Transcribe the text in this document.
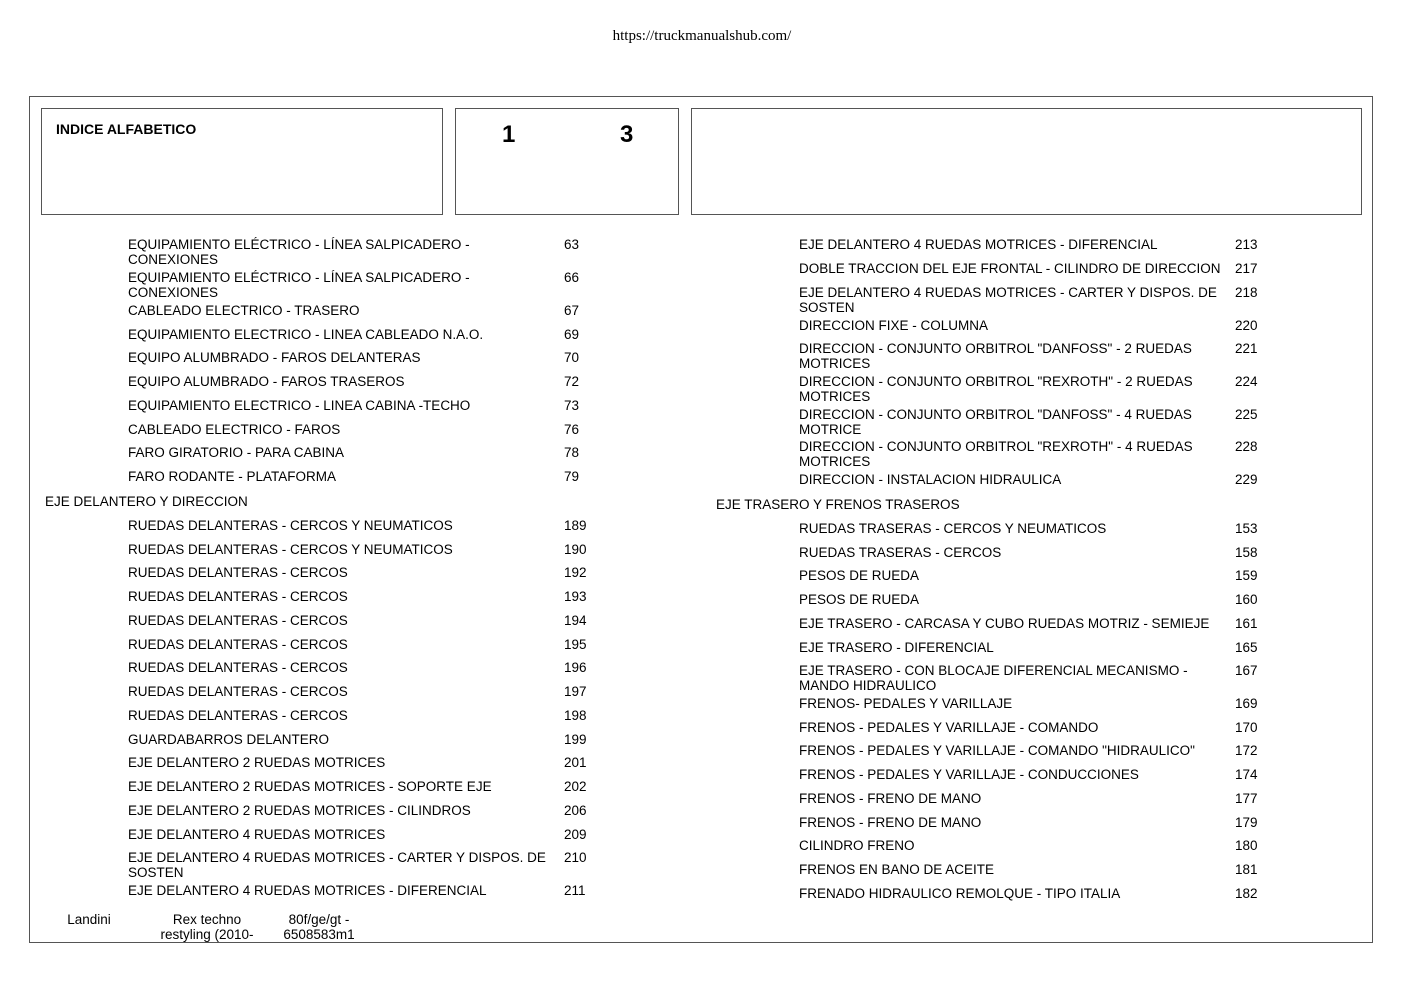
https://truckmanualshub.com/
INDICE ALFABETICO	1	3
EQUIPAMIENTO ELÉCTRICO - LÍNEA SALPICADERO - CONEXIONES
63
EQUIPAMIENTO ELÉCTRICO - LÍNEA SALPICADERO - CONEXIONES
66
CABLEADO ELECTRICO - TRASERO	67
EQUIPAMIENTO ELECTRICO - LINEA CABLEADO N.A.O.	69
EQUIPO ALUMBRADO - FAROS DELANTERAS	70
EQUIPO ALUMBRADO - FAROS TRASEROS	72
EQUIPAMIENTO ELECTRICO - LINEA CABINA -TECHO	73
CABLEADO ELECTRICO - FAROS	76
FARO GIRATORIO - PARA CABINA	78
FARO RODANTE - PLATAFORMA	79
EJE DELANTERO Y DIRECCION
RUEDAS DELANTERAS - CERCOS Y NEUMATICOS	189
RUEDAS DELANTERAS - CERCOS Y NEUMATICOS	190
RUEDAS DELANTERAS - CERCOS	192
RUEDAS DELANTERAS - CERCOS	193
RUEDAS DELANTERAS - CERCOS	194
RUEDAS DELANTERAS - CERCOS	195
RUEDAS DELANTERAS - CERCOS	196
RUEDAS DELANTERAS - CERCOS	197
RUEDAS DELANTERAS - CERCOS	198
GUARDABARROS DELANTERO	199
EJE DELANTERO 2 RUEDAS MOTRICES	201
EJE DELANTERO 2 RUEDAS MOTRICES - SOPORTE EJE	202
EJE DELANTERO 2 RUEDAS MOTRICES - CILINDROS	206
EJE DELANTERO 4 RUEDAS MOTRICES	209
EJE DELANTERO 4 RUEDAS MOTRICES - CARTER Y DISPOS. DE SOSTEN
210
EJE DELANTERO 4 RUEDAS MOTRICES - DIFERENCIAL	211
EJE DELANTERO 4 RUEDAS MOTRICES - DIFERENCIAL	213
DOBLE TRACCION DEL EJE FRONTAL - CILINDRO DE DIRECCION	217
EJE DELANTERO 4 RUEDAS MOTRICES - CARTER Y DISPOS. DE SOSTEN
218
DIRECCION FIXE - COLUMNA	220
DIRECCION - CONJUNTO ORBITROL "DANFOSS" - 2 RUEDAS MOTRICES
221
DIRECCION - CONJUNTO ORBITROL "REXROTH" - 2 RUEDAS MOTRICES
224
DIRECCION - CONJUNTO ORBITROL "DANFOSS" - 4 RUEDAS MOTRICE
225
DIRECCION - CONJUNTO ORBITROL "REXROTH" - 4 RUEDAS MOTRICES
228
DIRECCION - INSTALACION HIDRAULICA	229
EJE TRASERO Y FRENOS TRASEROS
RUEDAS TRASERAS - CERCOS Y NEUMATICOS	153
RUEDAS TRASERAS - CERCOS	158
PESOS DE RUEDA	159
PESOS DE RUEDA	160
EJE TRASERO - CARCASA Y CUBO RUEDAS MOTRIZ - SEMIEJE	161
EJE TRASERO - DIFERENCIAL	165
EJE TRASERO - CON BLOCAJE DIFERENCIAL MECANISMO - MANDO HIDRAULICO
167
FRENOS- PEDALES Y VARILLAJE	169
FRENOS - PEDALES Y VARILLAJE - COMANDO	170
FRENOS - PEDALES Y VARILLAJE - COMANDO "HIDRAULICO"	172
FRENOS - PEDALES Y VARILLAJE - CONDUCCIONES	174
FRENOS - FRENO DE MANO	177
FRENOS - FRENO DE MANO	179
CILINDRO FRENO	180
FRENOS EN BANO DE ACEITE	181
FRENADO HIDRAULICO REMOLQUE - TIPO ITALIA	182
Landini	Rex techno
restyling (2010-
80f/ge/gt -
6508583m1
